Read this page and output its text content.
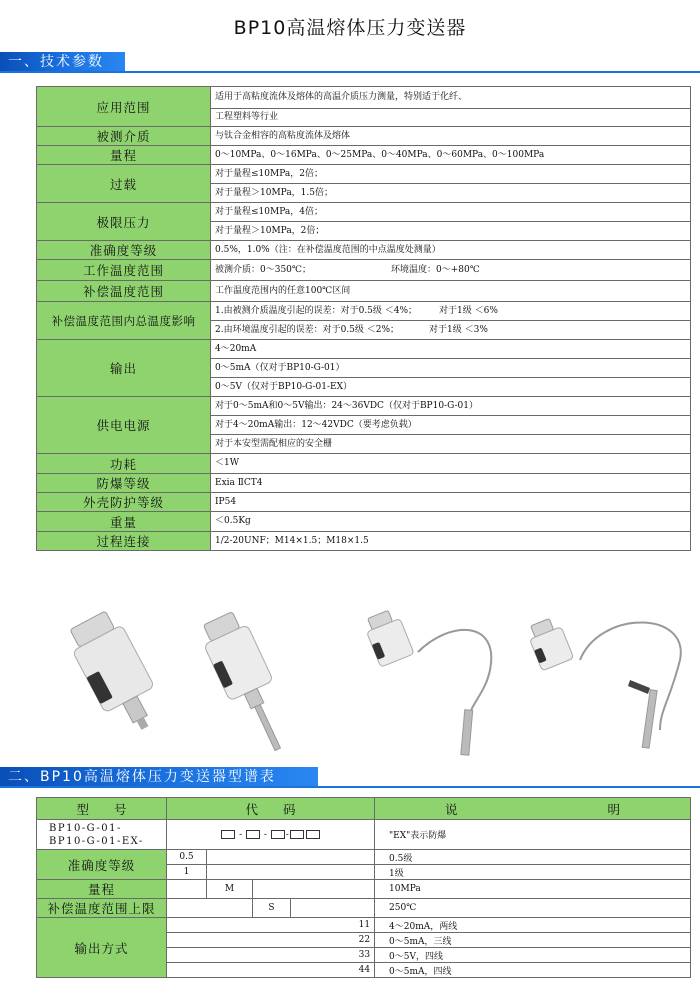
BP10高温熔体压力变送器
一、技术参数
应用范围	适用于高粘度流体及熔体的高温介质压力测量，特别适于化纤、
	工程塑料等行业
被测介质	与钛合金相容的高粘度流体及熔体
量程	0～10MPa、0～16MPa、0～25MPa、0～40MPa、0～60MPa、0～100MPa
过载	对于量程≤10MPa，2倍；
	对于量程＞10MPa，1.5倍；
极限压力	对于量程≤10MPa，4倍；
	对于量程＞10MPa，2倍；
准确度等级	0.5%，1.0%（注：在补偿温度范围的中点温度处测量）
工作温度范围	被测介质：0～350℃； 环境温度：0～+80℃
补偿温度范围	工作温度范围内的任意100℃区间
补偿温度范围内总温度影响	1.由被测介质温度引起的误差：对于0.5级 ＜4%； 对于1级 ＜6%
	2.由环境温度引起的误差：对于0.5级 ＜2%； 对于1级 ＜3%
输出	4～20mA
	0～5mA（仅对于BP10-G-01）
	0～5V（仅对于BP10-G-01-EX）
供电电源	对于0～5mA和0～5V输出：24～36VDC（仅对于BP10-G-01）
	对于4～20mA输出：12～42VDC（要考虑负载）
	对于本安型需配相应的安全栅
功耗	＜1W
防爆等级	Exia ⅡCT4
外壳防护等级	IP54
重量	＜0.5Kg
过程连接	1/2-20UNF；M14×1.5；M18×1.5
二、BP10高温熔体压力变送器型谱表
型　　号	代　　码				说　　　　　　　　　　　　明

BP10-G-01-
BP10-G-01-EX-	-  - -				"EX"表示防爆
准确度等级	0.5				0.5级
	1				1级
量程		M			10MPa
补偿温度范围上限			S		250℃
输出方式	11				4～20mA，两线
	22				0～5mA，三线
	33				0～5V，四线
	44				0～5mA，四线
